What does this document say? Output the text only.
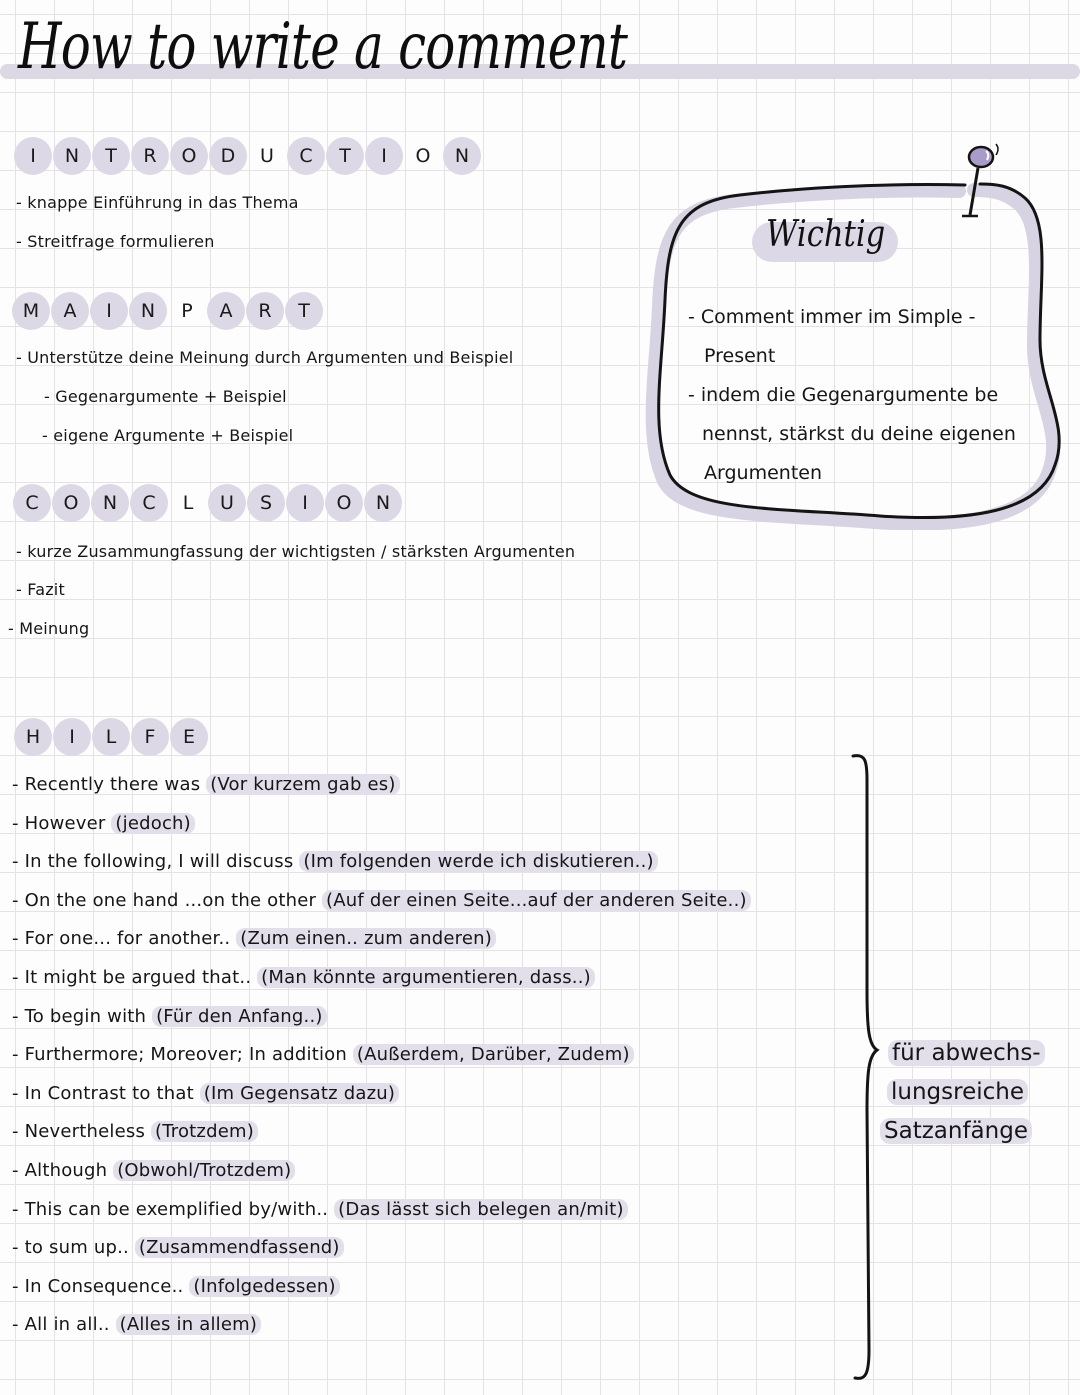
How to write a comment
I	N	T	R	O	D	U	C	T	I	O	N
- knappe Einführung in das Thema
- Streitfrage formulieren
M	A	I	N	P	A	R	T
- Unterstütze deine Meinung durch Argumenten und Beispiel
- Gegenargumente + Beispiel
- eigene Argumente + Beispiel
C	O	N	C	L	U	S	I	O	N
- kurze Zusammungfassung der wichtigsten / stärksten Argumenten
- Fazit
- Meinung
Wichtig
- Comment immer im Simple -
Present
- indem die Gegenargumente be
nennst, stärkst du deine eigenen
Argumenten
H	I	L	F	E
- Recently there was (Vor kurzem gab es)
- However (jedoch)
- In the following, I will discuss (Im folgenden werde ich diskutieren..)
- On the one hand ...on the other (Auf der einen Seite...auf der anderen Seite..)
- For one... for another.. (Zum einen.. zum anderen)
- It might be argued that.. (Man könnte argumentieren, dass..)
- To begin with (Für den Anfang..)
- Furthermore; Moreover; In addition (Außerdem, Darüber, Zudem)
- In Contrast to that (Im Gegensatz dazu)
- Nevertheless (Trotzdem)
- Although (Obwohl/Trotzdem)
- This can be exemplified by/with.. (Das lässt sich belegen an/mit)
- to sum up.. (Zusammendfassend)
- In Consequence.. (Infolgedessen)
- All in all.. (Alles in allem)
für abwechs-
lungsreiche
Satzanfänge
